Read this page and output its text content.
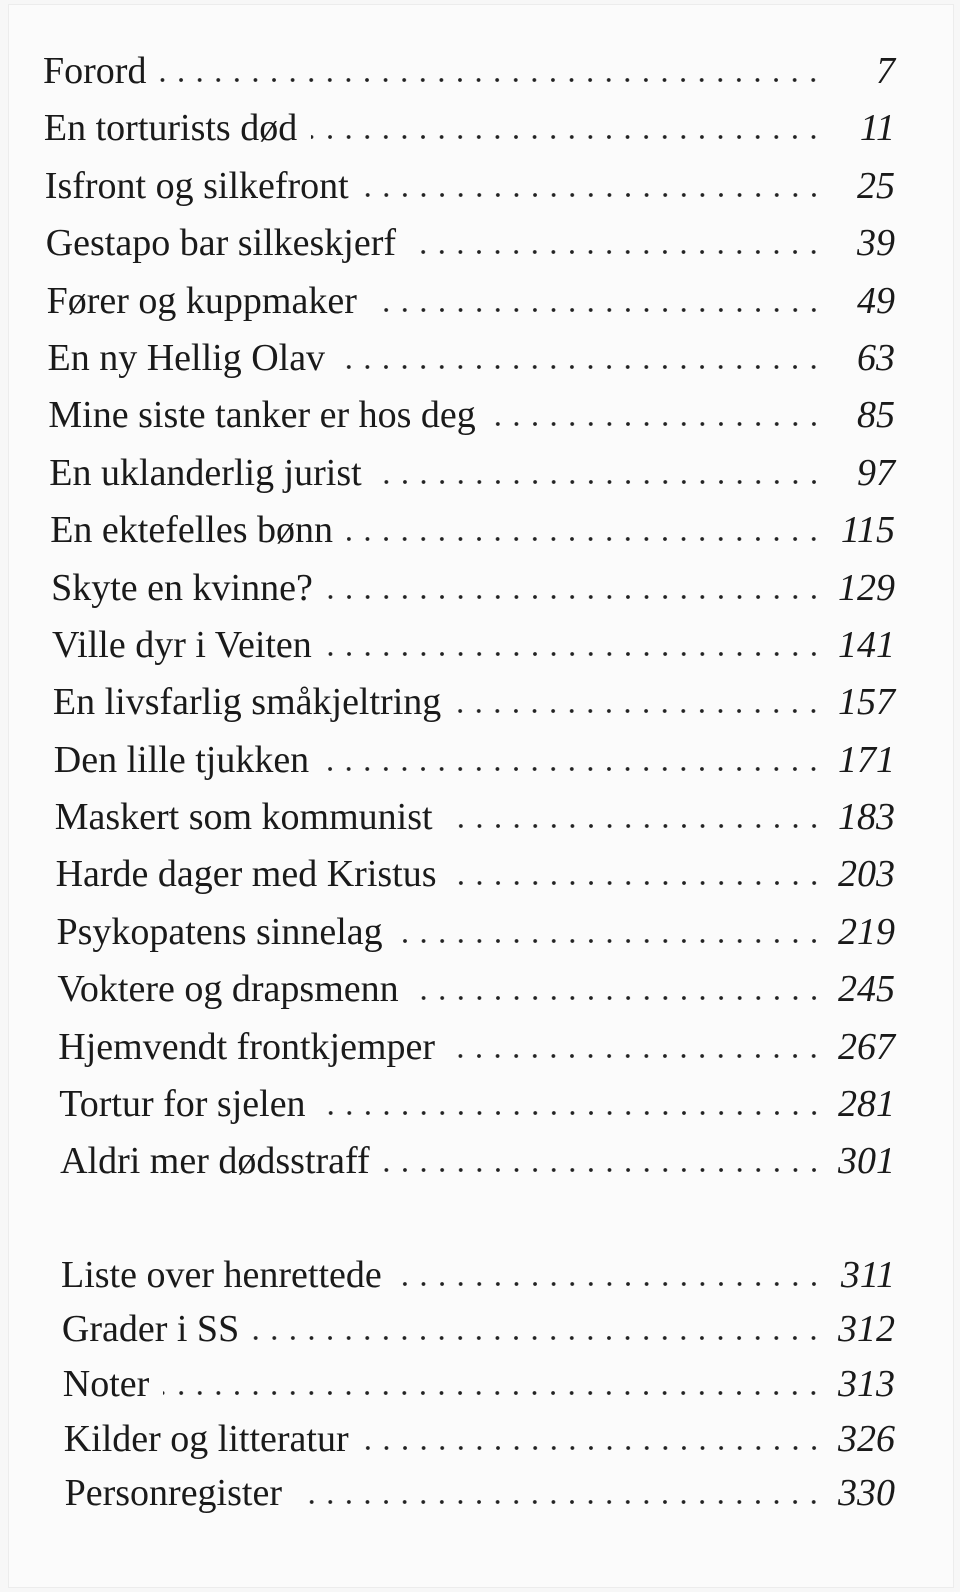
Forord	7
En torturists død	11
Isfront og silkefront	25
Gestapo bar silkeskjerf	39
Fører og kuppmaker	49
En ny Hellig Olav	63
Mine siste tanker er hos deg	85
En uklanderlig jurist	97
En ektefelles bønn	115
Skyte en kvinne?	129
Ville dyr i Veiten	141
En livsfarlig småkjeltring	157
Den lille tjukken	171
Maskert som kommunist	183
Harde dager med Kristus	203
Psykopatens sinnelag	219
Voktere og drapsmenn	245
Hjemvendt frontkjemper	267
Tortur for sjelen	281
Aldri mer dødsstraff	301
Liste over henrettede	311
Grader i SS	312
Noter	313
Kilder og litteratur	326
Personregister	330
